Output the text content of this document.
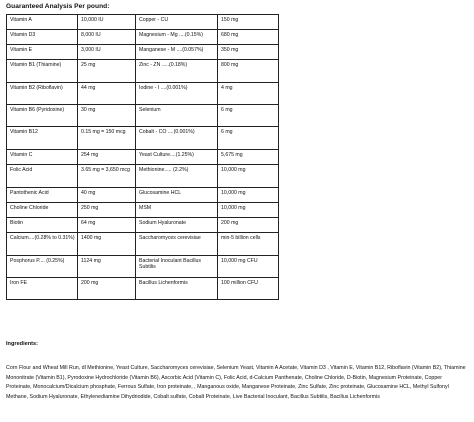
Guaranteed Analysis Per pound:
Vitamin A	10,000 IU	Copper - CU	150 mg
Vitamin D3	8,000 IU	Magnesium - Mg ....(0.15%)	680 mg
Vitamin E	3,000 IU	Manganese - M ....(0.057%)	350 mg
Vitamin B1 (Thiamine)	25 mg	Zinc - ZN .....(0.18%)	800 mg
Vitamin B2 (Riboflavin)	44 mg	Iodine - I ....(0.001%)	4 mg
Vitamin B6 (Pyridoxine)	30 mg	Selenium	6 mg
Vitamin B12	0.15 mg = 150 mcg	Cobalt - CO ....(0.001%)	6 mg
Vitamin C	254 mg	Yeast Culture....(1.25%)	5,675 mg
Folic Acid	3.65 mg = 3,650 mcg	Methionine..... (2.2%)	10,000 mg
Pantothenic Acid	40 mg	Glucosamine HCL	10,000 mg
Choline Chloride	250 mg	MSM	10,000 mg
Biotin	64 mg	Sodium Hyaluronate	200 mg
Calcium....(0.28% to 0.31%)	1400 mg	Saccharomyces cerevisiae	min-5 billion cells
Posphorus P.... (0.25%)	1124 mg	Bacterial Inoculant Bacillus Subtilis	10,000 mg CFU
Iron FE	200 mg	Bacillus Lichenformis	100 million CFU
Ingredients:
Corn Flour and Wheat Mill Run, dl Methionine, Yeast Culture, Saccharomyces cerevisiae, Selenium Yeast, Vitamin A Acetate, Vitamin D3 , Vitamin E, Vitamin B12, Riboflavin (Vitamin B2), Thiamine Mononitrate (Vitamin B1), Pyrodoxine Hydrochloride (Vitamin B6), Ascorbic Acid (Vitamin C), Folic Acid, d-Calcium Panthenate, Choline Chloride, D-Biotin, Magnesium Proteinate, Copper Proteinate, Monocalcium/Dicalcium phosphate, Ferrous Sulfate, Iron proteinate, , Manganous oxide, Manganese Proteinate, Zinc Sulfate, Zinc proteinate, Glucosamine HCL, Methyl Sulfonyl Methane, Sodium Hyaluronate, Ethylenediamine Dihydriodide, Cobalt sulfate, Cobalt Proteinate, Live Bacterial Inoculant, Bacillus Subtilis, Bacillus Lichenformis
